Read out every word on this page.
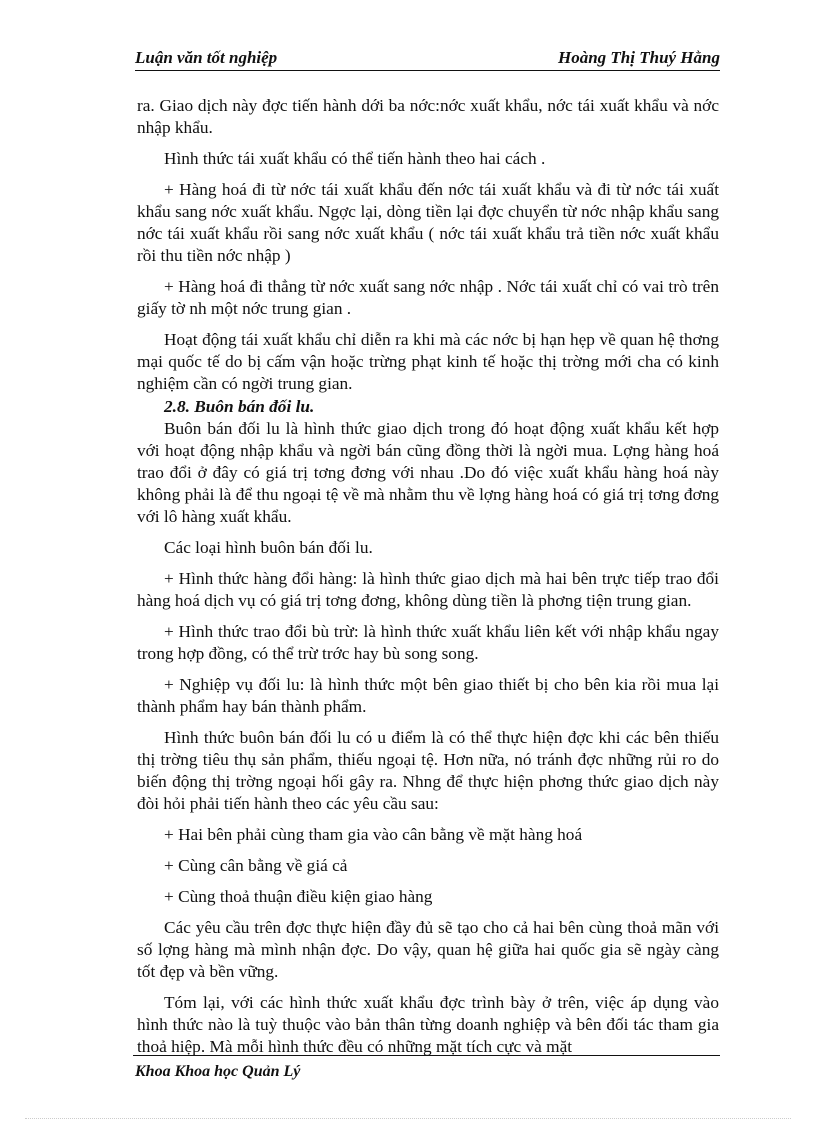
Luận văn tốt nghiệp	Hoàng Thị Thuý Hằng

ra. Giao dịch này đợc tiến hành dới ba nớc:nớc xuất khẩu, nớc tái xuất khẩu và nớc nhập khẩu.

Hình thức tái xuất khẩu có thể tiến hành theo hai cách .

+ Hàng hoá đi từ nớc tái xuất khẩu đến nớc tái xuất khẩu và đi từ nớc tái xuất khẩu sang nớc xuất khẩu. Ngợc lại, dòng tiền lại đợc chuyển từ nớc nhập khẩu sang nớc tái xuất khẩu rồi sang nớc xuất khẩu ( nớc tái xuất khẩu trả tiền nớc xuất khẩu rồi thu tiền nớc nhập )

+ Hàng hoá đi thẳng từ nớc xuất sang nớc nhập . Nớc tái xuất chỉ có vai trò trên giấy tờ nh một nớc trung gian .

Hoạt động tái xuất khẩu chỉ diễn ra khi mà các nớc bị hạn hẹp về quan hệ thơng mại quốc tế do bị cấm vận hoặc trừng phạt kinh tế hoặc thị trờng mới cha có kinh nghiệm cần có ngời trung gian.

2.8. Buôn bán đối lu.

Buôn bán đối lu là hình thức giao dịch trong đó hoạt động xuất khẩu kết hợp với hoạt động nhập khẩu và ngời bán cũng đồng thời là ngời mua. Lợng hàng hoá trao đổi ở đây có giá trị tơng đơng với nhau .Do đó việc xuất khẩu hàng hoá này không phải là để thu ngoại tệ về mà nhằm thu về lợng hàng hoá có giá trị tơng đơng với lô hàng xuất khẩu.

Các loại hình buôn bán đối lu.

+ Hình thức hàng đổi hàng: là hình thức giao dịch mà hai bên trực tiếp trao đổi hàng hoá dịch vụ có giá trị tơng đơng, không dùng tiền là phơng tiện trung gian.

+ Hình thức trao đổi bù trừ: là hình thức xuất khẩu liên kết với nhập khẩu ngay trong hợp đồng, có thể trừ trớc hay bù song song.

+ Nghiệp vụ đối lu: là hình thức một bên giao thiết bị cho bên kia rồi mua lại thành phẩm hay bán thành phẩm.

Hình thức buôn bán đối lu có u điểm là có thể thực hiện đợc khi các bên thiếu thị trờng tiêu thụ sản phẩm, thiếu ngoại tệ. Hơn nữa, nó tránh đợc những rủi ro do biến động thị trờng ngoại hối gây ra. Nhng để thực hiện phơng thức giao dịch này đòi hỏi phải tiến hành theo các yêu cầu sau:

+ Hai bên phải cùng tham gia vào cân bằng về mặt hàng hoá

+ Cùng cân bằng về giá cả

+ Cùng thoả thuận điều kiện giao hàng

Các yêu cầu trên đợc thực hiện đầy đủ sẽ tạo cho cả hai bên cùng thoả mãn với số lợng hàng mà mình nhận đợc. Do vậy, quan hệ giữa hai quốc gia sẽ ngày càng tốt đẹp và bền vững.

Tóm lại, với các hình thức xuất khẩu đợc trình bày ở trên, việc áp dụng vào hình thức nào là tuỳ thuộc vào bản thân từng doanh nghiệp và bên đối tác tham gia thoả hiệp. Mà mỗi hình thức đều có những mặt tích cực và mặt

Khoa Khoa học Quản Lý
